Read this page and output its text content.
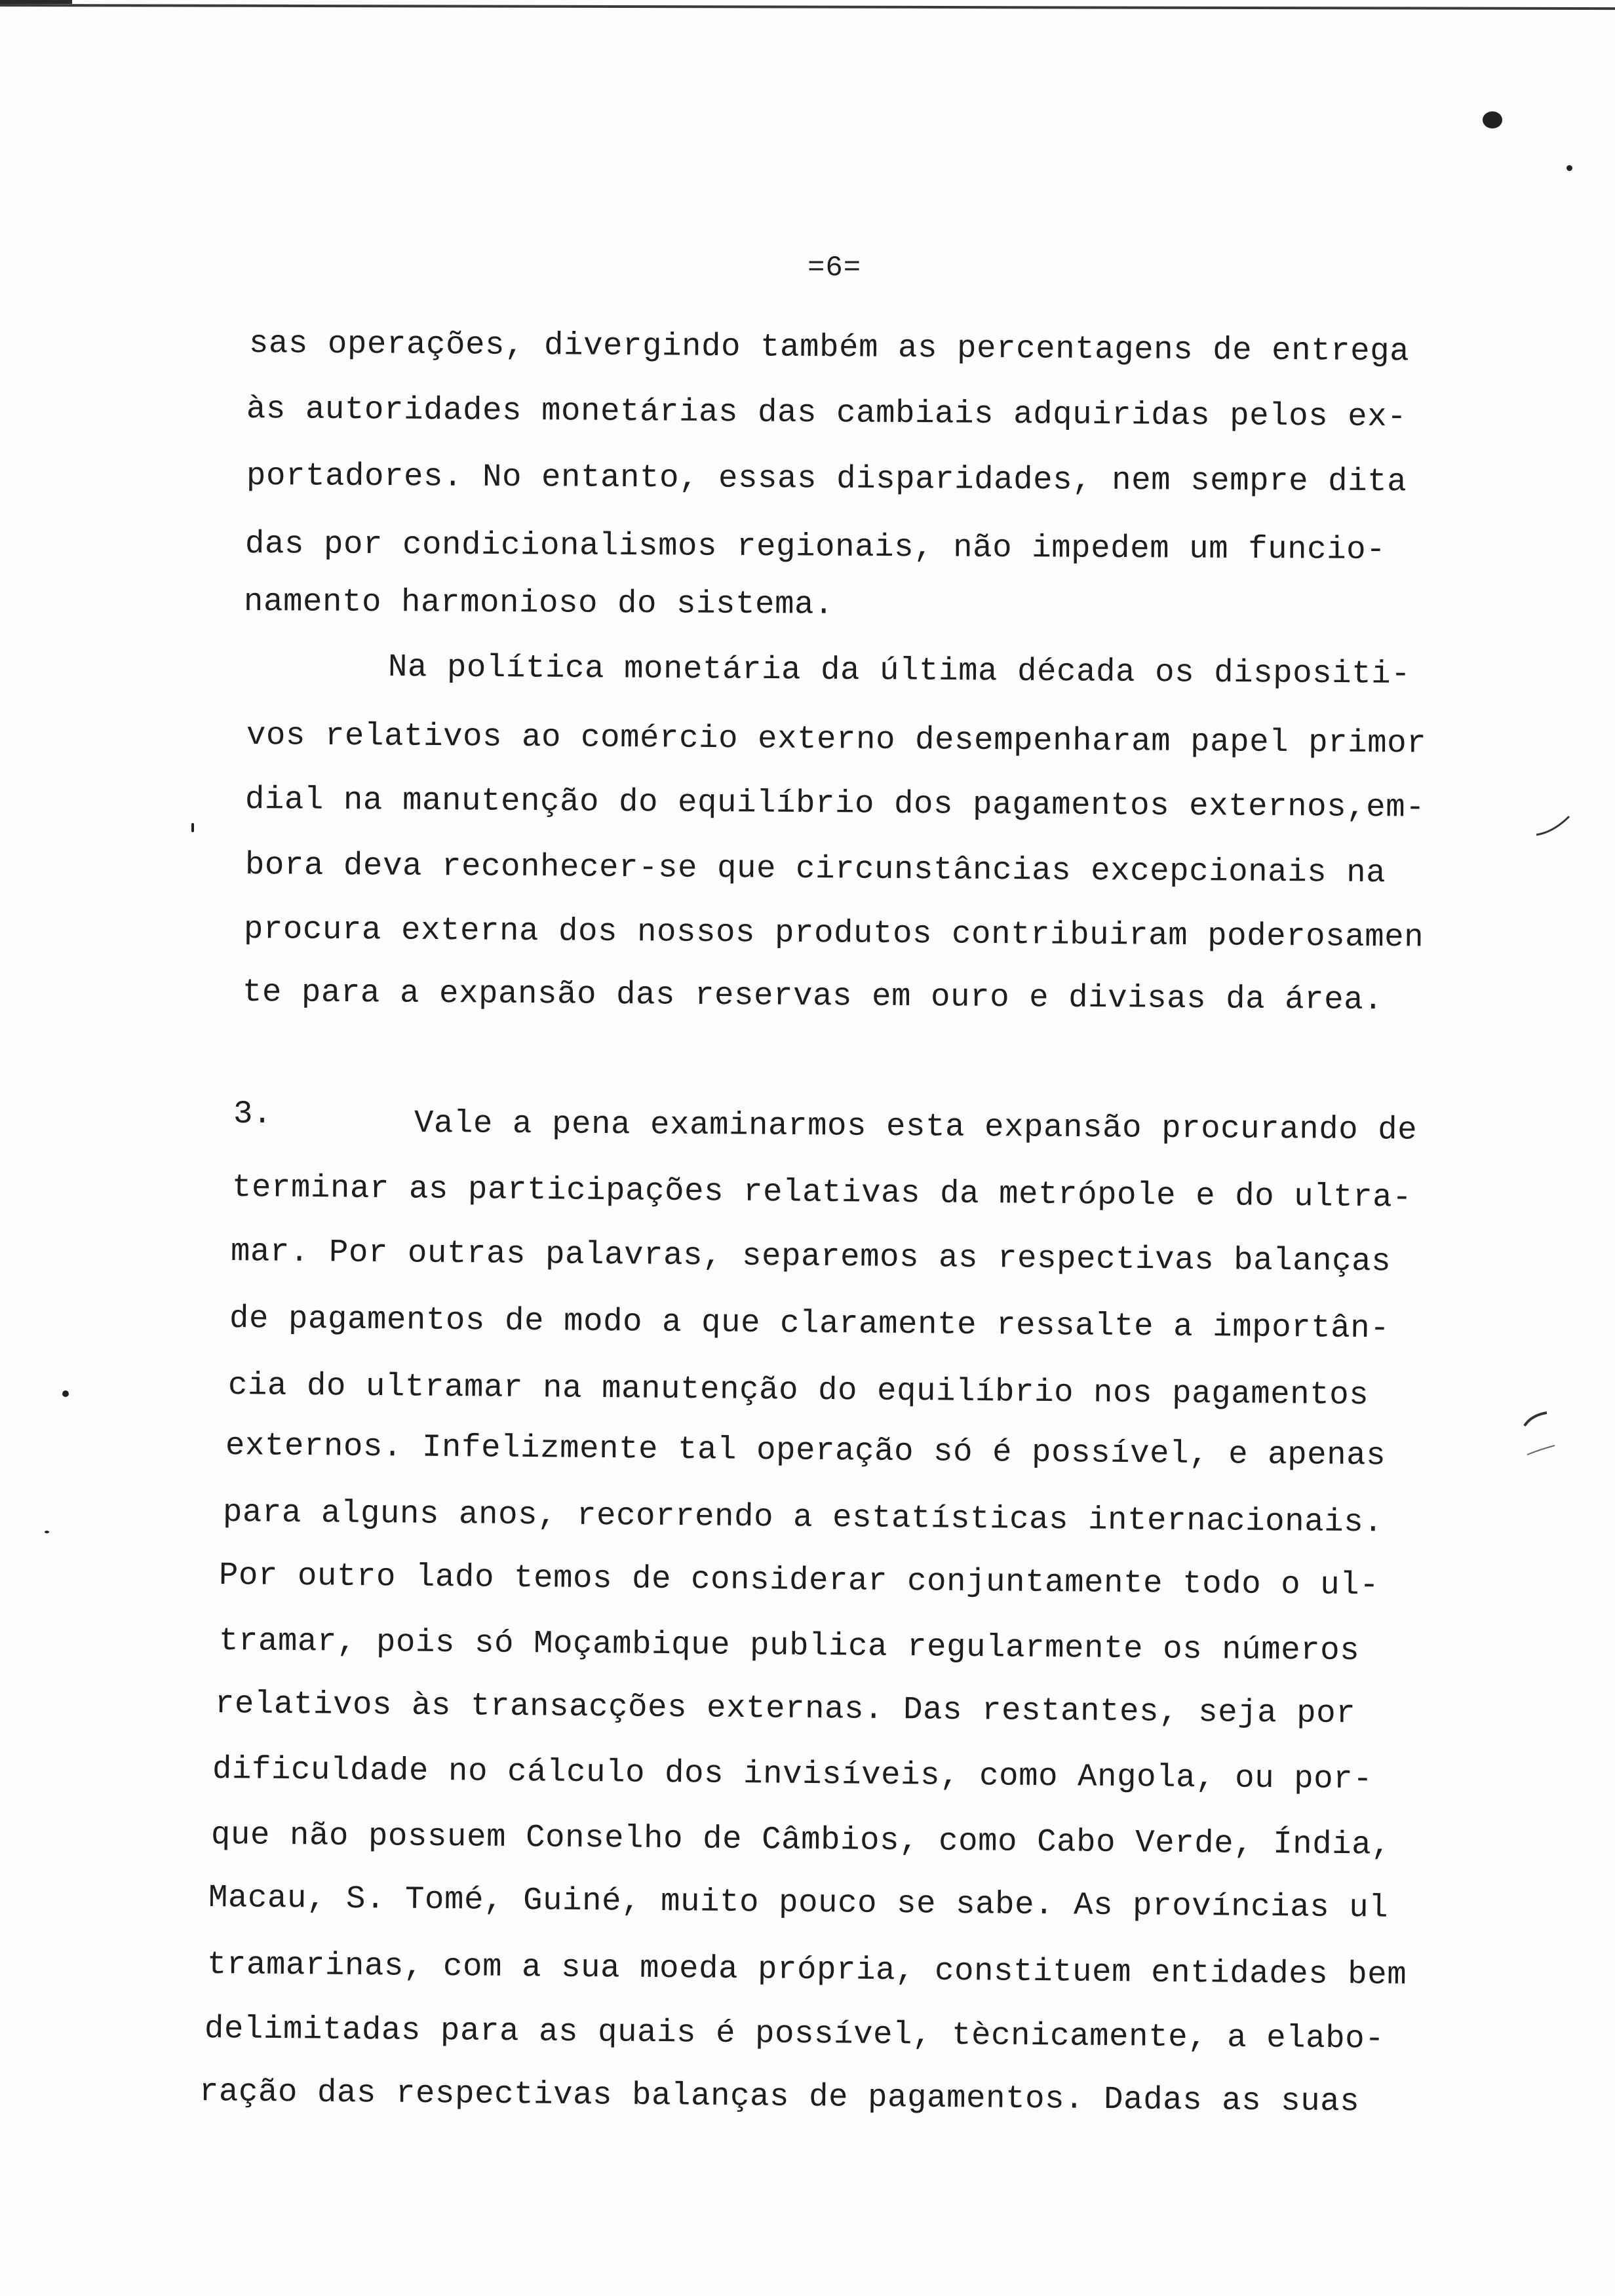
=6=
sas operações, divergindo também as percentagens de entrega
às autoridades monetárias das cambiais adquiridas pelos ex-
portadores. No entanto, essas disparidades, nem sempre dita
das por condicionalismos regionais, não impedem um funcio-
namento harmonioso do sistema.
Na política monetária da última década os dispositi-
vos relativos ao comércio externo desempenharam papel primor
dial na manutenção do equilíbrio dos pagamentos externos,em-
bora deva reconhecer-se que circunstâncias excepcionais na
procura externa dos nossos produtos contribuiram poderosamen
te para a expansão das reservas em ouro e divisas da área.
3.	Vale a pena examinarmos esta expansão procurando de
terminar as participações relativas da metrópole e do ultra-
mar. Por outras palavras, separemos as respectivas balanças
de pagamentos de modo a que claramente ressalte a importân-
cia do ultramar na manutenção do equilíbrio nos pagamentos
externos. Infelizmente tal operação só é possível, e apenas
para alguns anos, recorrendo a estatísticas internacionais.
Por outro lado temos de considerar conjuntamente todo o ul-
tramar, pois só Moçambique publica regularmente os números
relativos às transacções externas. Das restantes, seja por
dificuldade no cálculo dos invisíveis, como Angola, ou por-
que não possuem Conselho de Câmbios, como Cabo Verde, Índia,
Macau, S. Tomé, Guiné, muito pouco se sabe. As províncias ul
tramarinas, com a sua moeda própria, constituem entidades bem
delimitadas para as quais é possível, tècnicamente, a elabo-
ração das respectivas balanças de pagamentos. Dadas as suas
